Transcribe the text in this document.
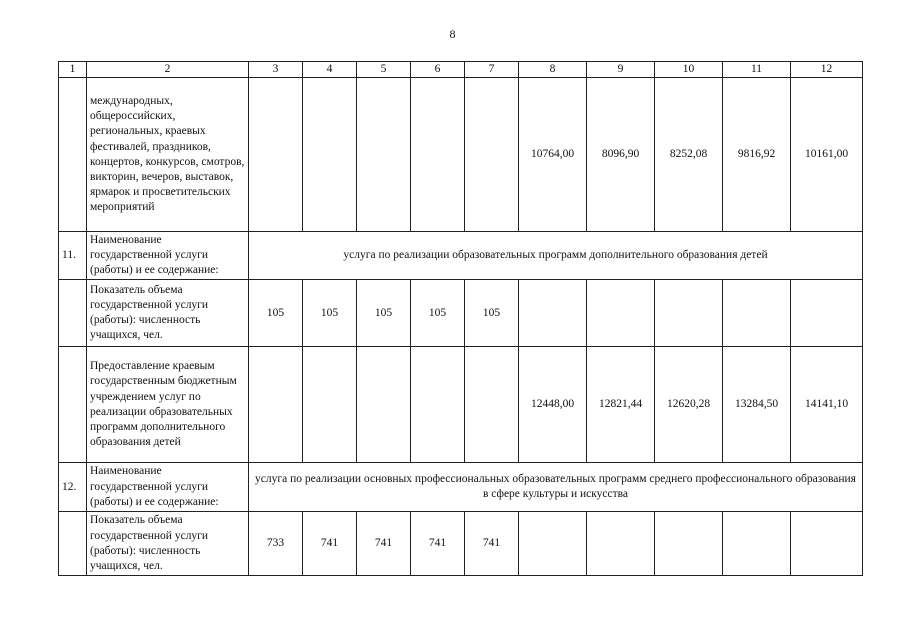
8
1	2	3	4	5	6	7	8	9	10	11	12
	международных, общероссийских, региональных, краевых фестивалей, праздников, концертов, конкурсов, смотров, викторин, вечеров, выставок, ярмарок и просветительских мероприятий						10764,00	8096,90	8252,08	9816,92	10161,00
11.	Наименование государственной услуги (работы) и ее содержание:	услуга по реализации образовательных программ дополнительного образования детей									
	Показатель объема государственной услуги (работы): численность учащихся, чел.	105	105	105	105	105					
	Предоставление краевым государственным бюджетным учреждением услуг по реализации образовательных программ дополнительного образования детей						12448,00	12821,44	12620,28	13284,50	14141,10
12.	Наименование государственной услуги (работы) и ее содержание:	услуга по реализации основных профессиональных образовательных программ среднего профессионального образования в сфере культуры и искусства									
	Показатель объема государственной услуги (работы): численность учащихся, чел.	733	741	741	741	741					
